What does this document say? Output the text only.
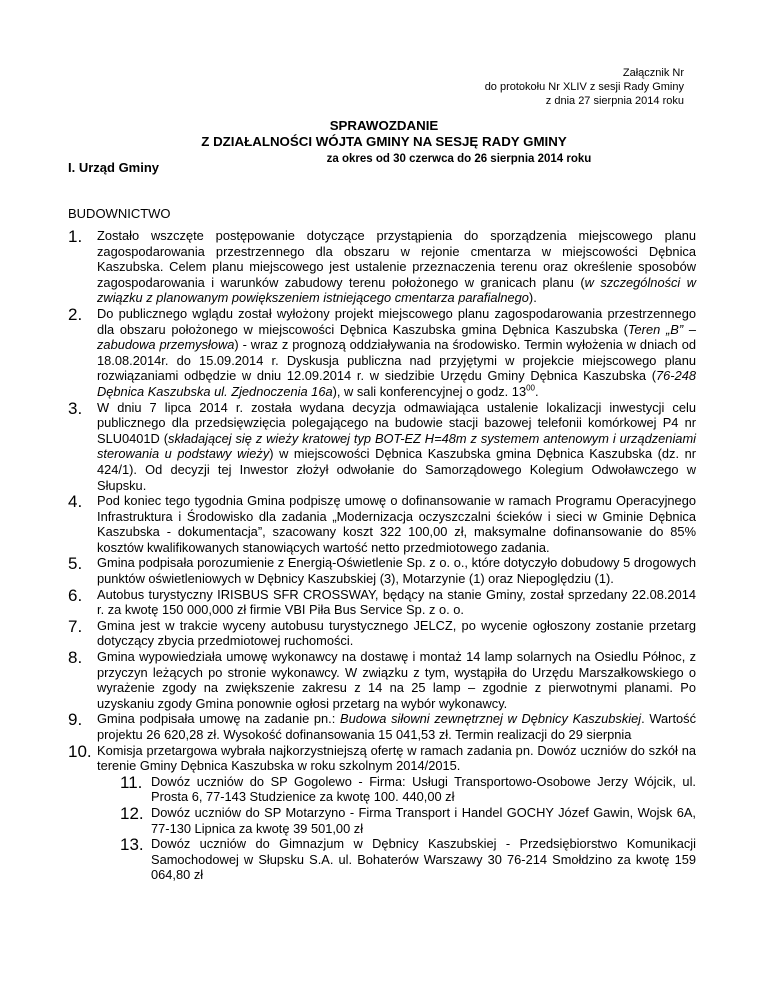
Załącznik Nr
do protokołu Nr XLIV z sesji Rady Gminy
z dnia 27 sierpnia 2014 roku
SPRAWOZDANIE
Z DZIAŁALNOŚCI WÓJTA GMINY NA SESJĘ RADY GMINY
za okres od 30 czerwca do 26 sierpnia 2014 roku
I. Urząd Gminy
BUDOWNICTWO
1.	Zostało wszczęte postępowanie dotyczące przystąpienia do sporządzenia miejscowego planu zagospodarowania przestrzennego dla obszaru w rejonie cmentarza w miejscowości Dębnica Kaszubska. Celem planu miejscowego jest ustalenie przeznaczenia terenu oraz określenie sposobów zagospodarowania i warunków zabudowy terenu położonego w granicach planu (w szczególności w związku z planowanym powiększeniem istniejącego cmentarza parafialnego).
2.	Do publicznego wglądu został wyłożony projekt miejscowego planu zagospodarowania przestrzennego dla obszaru położonego w miejscowości Dębnica Kaszubska gmina Dębnica Kaszubska (Teren „B” – zabudowa przemysłowa) - wraz z prognozą oddziaływania na środowisko. Termin wyłożenia w dniach od 18.08.2014r. do 15.09.2014 r. Dyskusja publiczna nad przyjętymi w projekcie miejscowego planu rozwiązaniami odbędzie w dniu 12.09.2014 r. w siedzibie Urzędu Gminy Dębnica Kaszubska (76-248 Dębnica Kaszubska ul. Zjednoczenia 16a), w sali konferencyjnej o godz. $13^{00}$.
3.	W dniu 7 lipca 2014 r. została wydana decyzja odmawiająca ustalenie lokalizacji inwestycji celu publicznego dla przedsięwzięcia polegającego na budowie stacji bazowej telefonii komórkowej P4 nr SLU0401D (składającej się z wieży kratowej typ BOT-EZ H=48m z systemem antenowym i urządzeniami sterowania u podstawy wieży) w miejscowości Dębnica Kaszubska gmina Dębnica Kaszubska (dz. nr 424/1). Od decyzji tej Inwestor złożył odwołanie do Samorządowego Kolegium Odwoławczego w Słupsku.
4.	Pod koniec tego tygodnia Gmina podpiszę umowę o dofinansowanie w ramach Programu Operacyjnego Infrastruktura i Środowisko dla zadania „Modernizacja oczyszczalni ścieków i sieci w Gminie Dębnica Kaszubska - dokumentacja”, szacowany koszt 322 100,00 zł, maksymalne dofinansowanie do 85% kosztów kwalifikowanych stanowiących wartość netto przedmiotowego zadania.
5.	Gmina podpisała porozumienie z Energią-Oświetlenie Sp. z o. o., które dotyczyło dobudowy 5 drogowych punktów oświetleniowych w Dębnicy Kaszubskiej (3), Motarzynie (1) oraz Niepoględziu (1).
6.	Autobus turystyczny IRISBUS SFR CROSSWAY, będący na stanie Gminy, został sprzedany 22.08.2014 r. za kwotę 150 000,000 zł firmie VBI Piła Bus Service Sp. z o. o.
7.	Gmina jest w trakcie wyceny autobusu turystycznego JELCZ, po wycenie ogłoszony zostanie przetarg dotyczący zbycia przedmiotowej ruchomości.
8.	Gmina wypowiedziała umowę wykonawcy na dostawę i montaż 14 lamp solarnych na Osiedlu Północ, z przyczyn leżących po stronie wykonawcy. W związku z tym, wystąpiła do Urzędu Marszałkowskiego o wyrażenie zgody na zwiększenie zakresu z 14 na 25 lamp – zgodnie z pierwotnymi planami. Po uzyskaniu zgody Gmina ponownie ogłosi przetarg na wybór wykonawcy.
9.	Gmina podpisała umowę na zadanie pn.: Budowa siłowni zewnętrznej w Dębnicy Kaszubskiej. Wartość projektu 26 620,28 zł. Wysokość dofinansowania 15 041,53 zł. Termin realizacji do 29 sierpnia
10. Komisja przetargowa wybrała najkorzystniejszą ofertę w ramach zadania pn. Dowóz uczniów do szkół na terenie Gminy Dębnica Kaszubska w roku szkolnym 2014/2015.
11. Dowóz uczniów do SP Gogolewo - Firma: Usługi Transportowo-Osobowe Jerzy Wójcik, ul. Prosta 6, 77-143 Studzienice za kwotę 100. 440,00 zł
12. Dowóz uczniów do SP Motarzyno - Firma Transport i Handel GOCHY Józef Gawin, Wojsk 6A, 77-130 Lipnica za kwotę 39 501,00 zł
13. Dowóz uczniów do Gimnazjum w Dębnicy Kaszubskiej - Przedsiębiorstwo Komunikacji Samochodowej w Słupsku S.A. ul. Bohaterów Warszawy 30 76-214 Smołdzino za kwotę 159 064,80 zł
